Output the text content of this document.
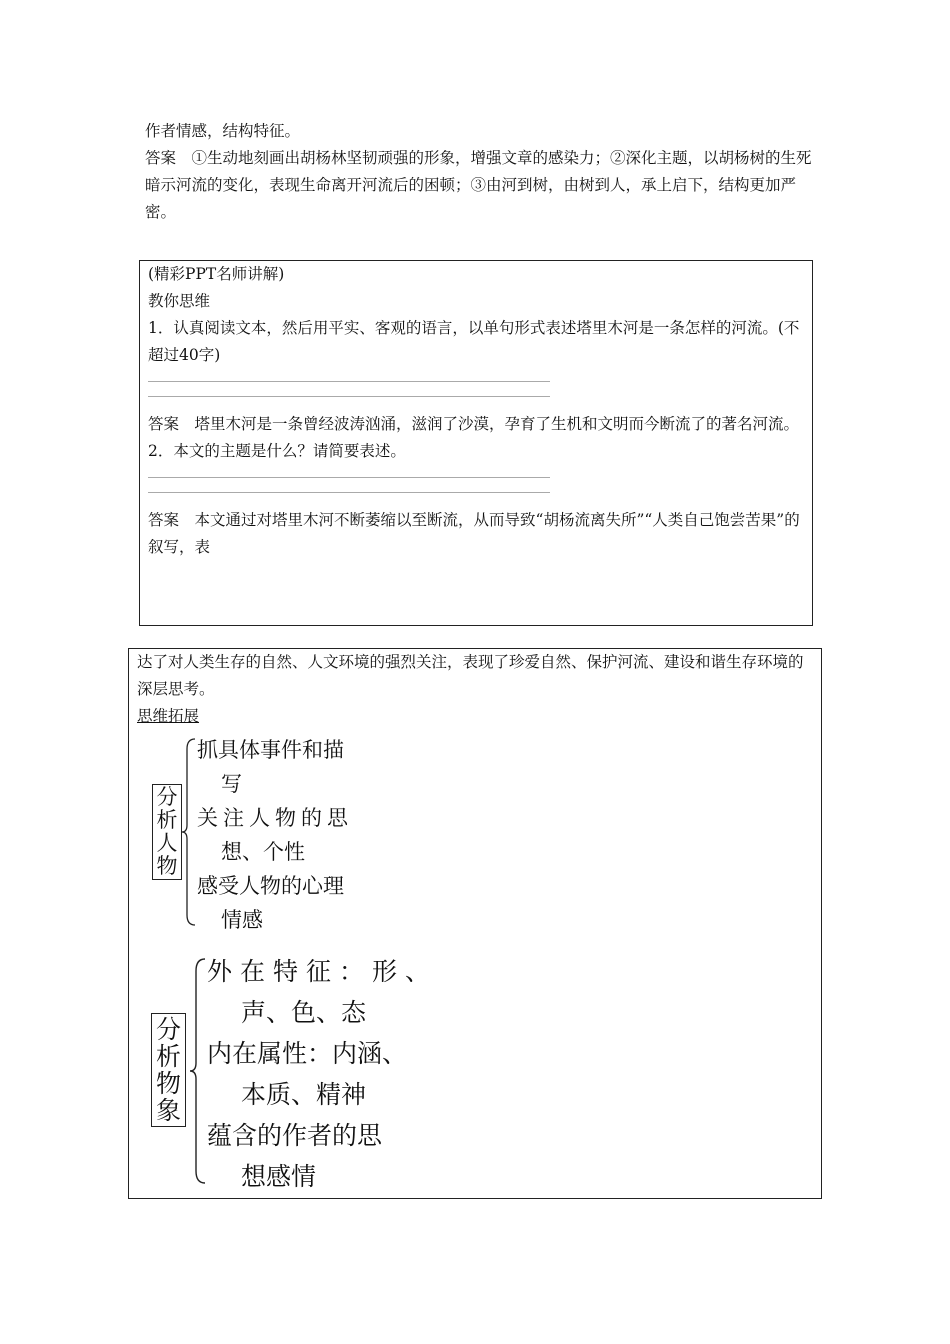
作者情感，结构特征。
答案  ①生动地刻画出胡杨林坚韧顽强的形象，增强文章的感染力；②深化主题，以胡杨树的生死暗示河流的变化，表现生命离开河流后的困顿；③由河到树，由树到人，承上启下，结构更加严密。
(精彩PPT名师讲解)
教你思维
1．认真阅读文本，然后用平实、客观的语言，以单句形式表述塔里木河是一条怎样的河流。(不超过40字)
答案  塔里木河是一条曾经波涛汹涌，滋润了沙漠，孕育了生机和文明而今断流了的著名河流。
2．本文的主题是什么？请简要表述。
答案  本文通过对塔里木河不断萎缩以至断流，从而导致“胡杨流离失所”“人类自己饱尝苦果”的叙写，表
达了对人类生存的自然、人文环境的强烈关注，表现了珍爱自然、保护河流、建设和谐生存环境的深层思考。
思维拓展
分
析
人
物
抓具体事件和描
写
关注人物的思
想、个性
感受人物的心理
情感
分
析
物
象
外在特征：形、
声、色、态
内在属性：内涵、
本质、精神
蕴含的作者的思
想感情
